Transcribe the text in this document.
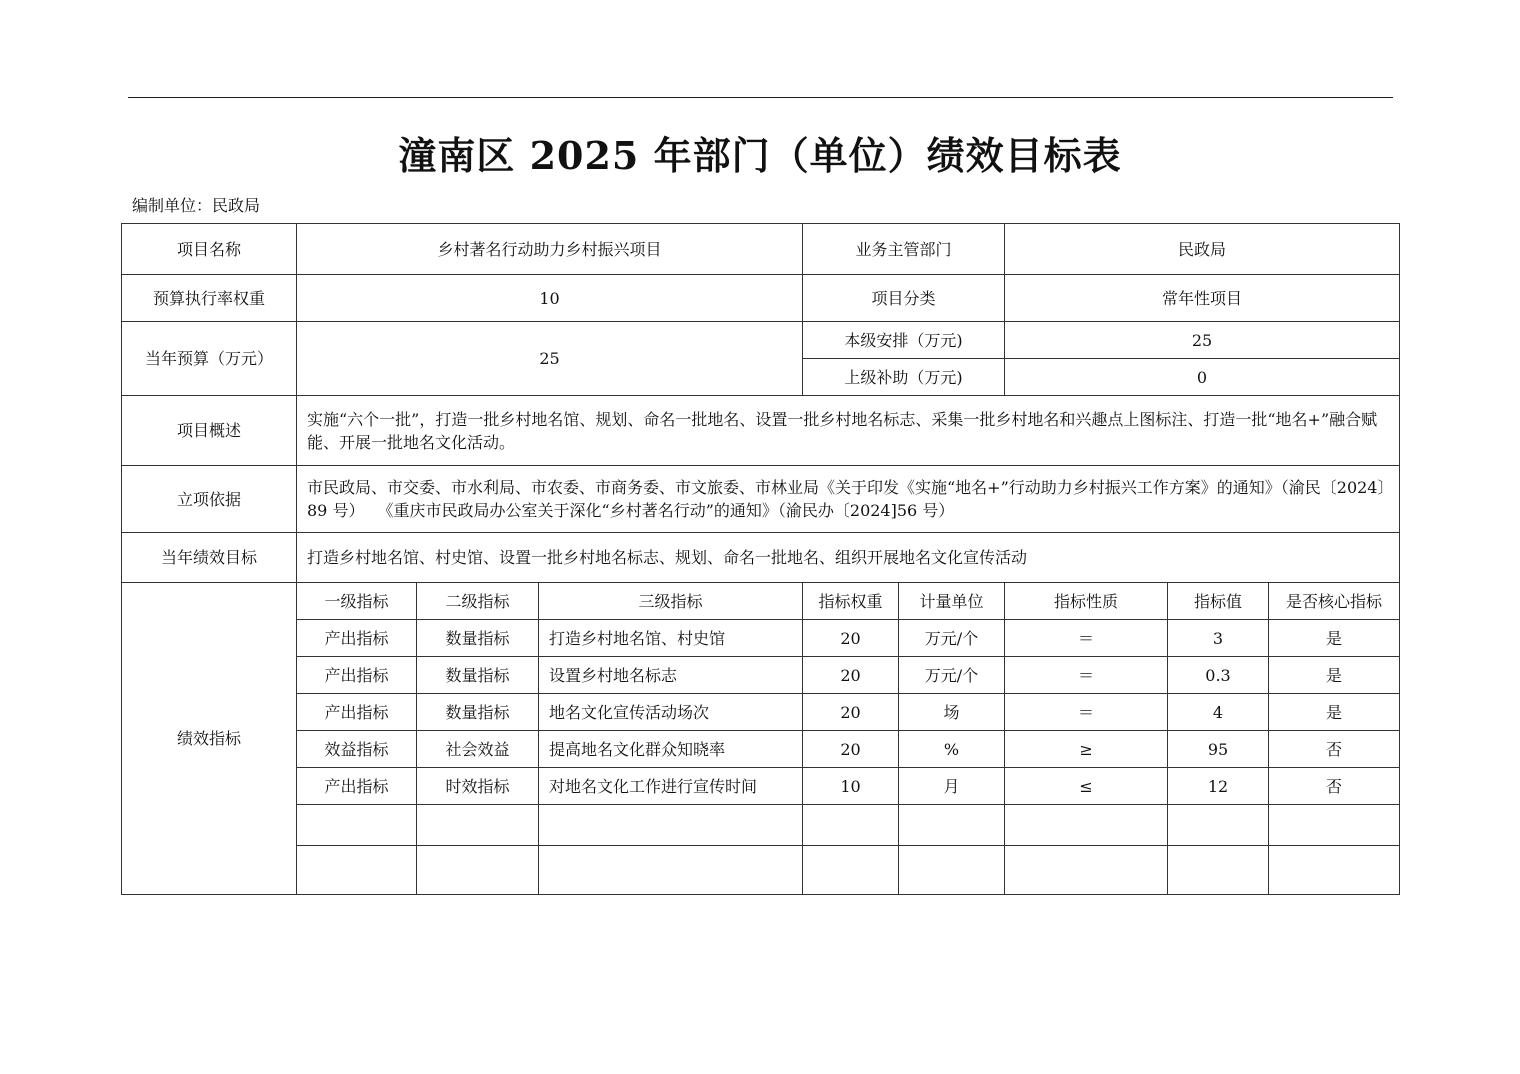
潼南区 2025 年部门（单位）绩效目标表
编制单位：民政局
项目名称	乡村著名行动助力乡村振兴项目			业务主管部门		民政局		
预算执行率权重	10			项目分类		常年性项目		
当年预算（万元）	25			本级安排（万元)		25		
				上级补助（万元)		0		
项目概述	实施“六个一批”，打造一批乡村地名馆、规划、命名一批地名、设置一批乡村地名标志、采集一批乡村地名和兴趣点上图标注、打造一批“地名+”融合赋能、开展一批地名文化活动。							
立项依据	市民政局、市交委、市水利局、市农委、市商务委、市文旅委、市林业局《关于印发《实施“地名+”行动助力乡村振兴工作方案》的通知》（渝民〔2024〕89 号）　 《重庆市民政局办公室关于深化“乡村著名行动”的通知》（渝民办〔2024]56 号）							
当年绩效目标	打造乡村地名馆、村史馆、设置一批乡村地名标志、规划、命名一批地名、组织开展地名文化宣传活动							
绩效指标	一级指标	二级指标	三级指标	指标权重	计量单位	指标性质	指标值	是否核心指标
	产出指标	数量指标	打造乡村地名馆、村史馆	20	万元/个	＝	3	是
	产出指标	数量指标	设置乡村地名标志	20	万元/个	＝	0.3	是
	产出指标	数量指标	地名文化宣传活动场次	20	场	＝	4	是
	效益指标	社会效益	提高地名文化群众知晓率	20	%	≥	95	否
	产出指标	时效指标	对地名文化工作进行宣传时间	10	月	≤	12	否
